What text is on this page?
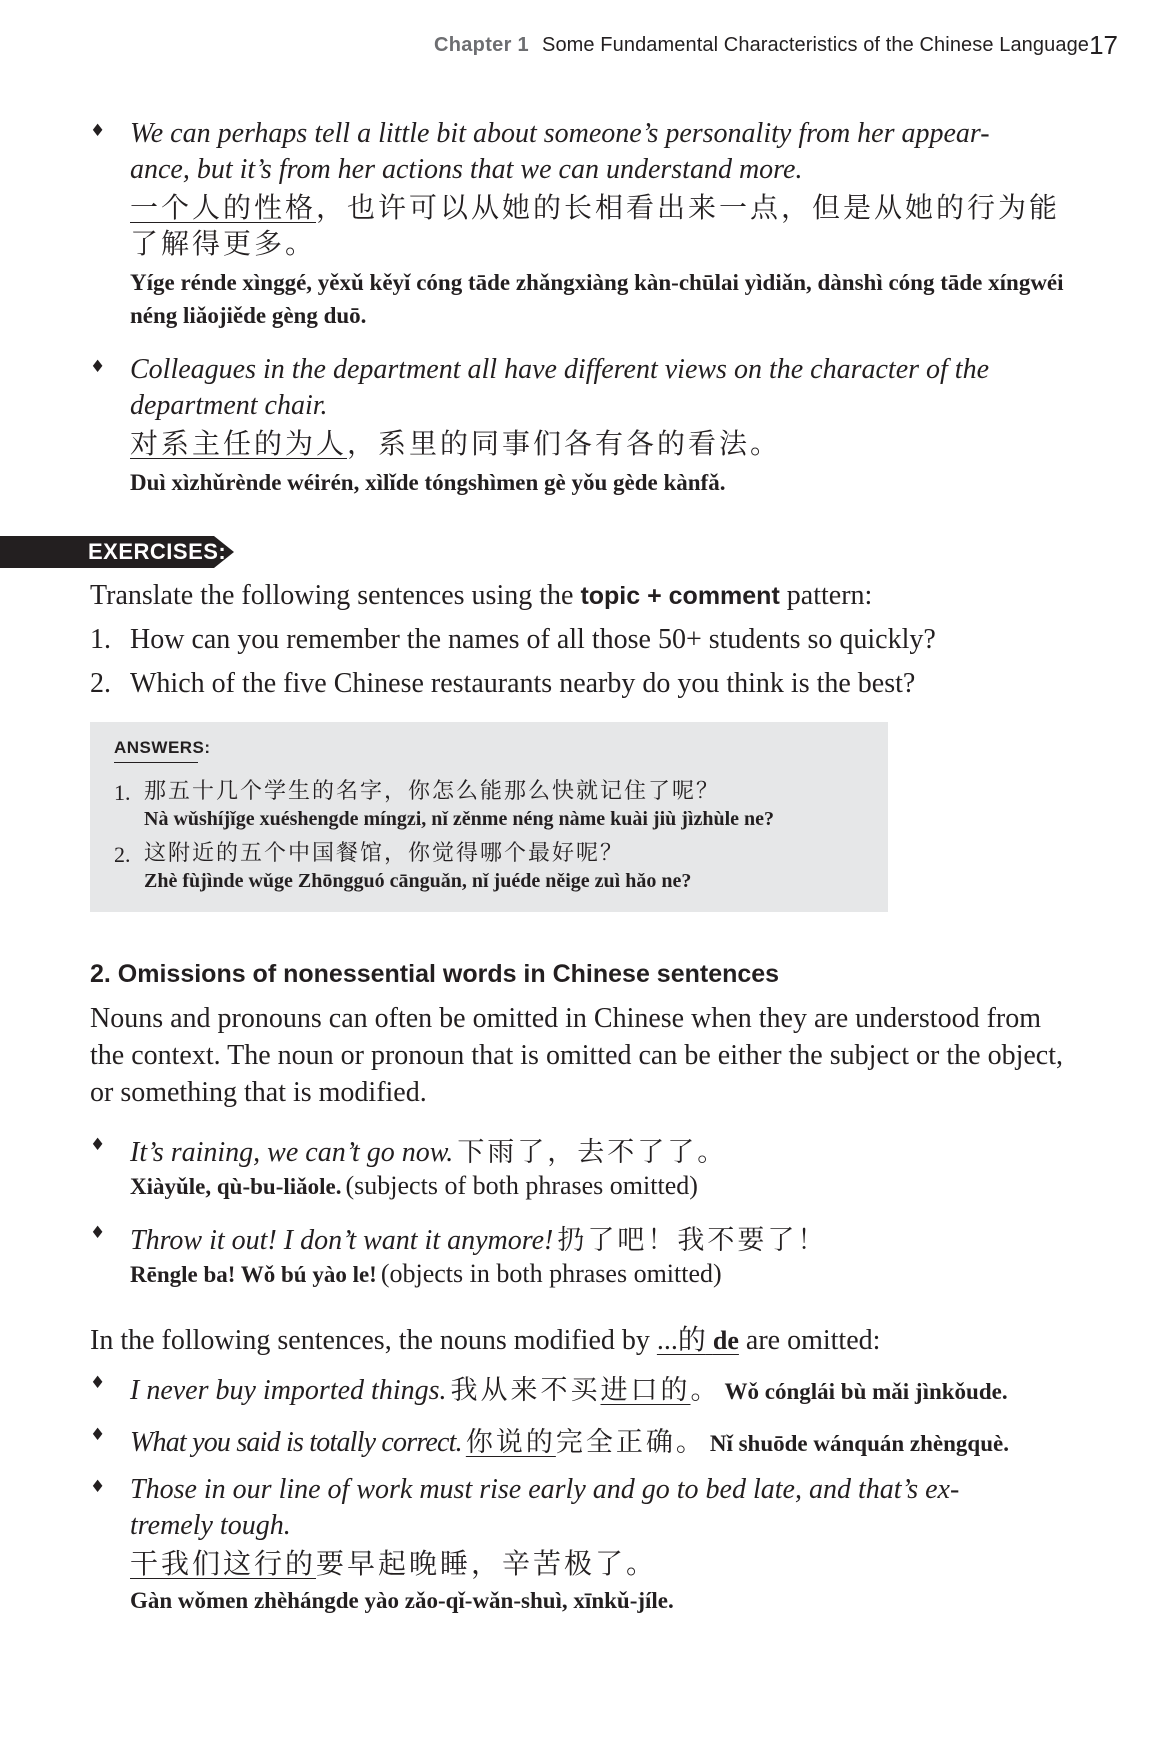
Chapter 1 Some Fundamental Characteristics of the Chinese Language 17
♦ We can perhaps tell a little bit about someone’s personality from her appear-ance, but it’s from her actions that we can understand more.
一个人的性格，也许可以从她的长相看出来一点，但是从她的行为能了解得更多。
Yíge rénde xìnggé, yěxǔ kěyǐ cóng tāde zhǎngxiàng kàn-chūlai yìdiǎn, dànshì cóng tāde xíngwéi néng liǎojiěde gèng duō.
♦ Colleagues in the department all have different views on the character of the department chair.
对系主任的为人，系里的同事们各有各的看法。
Duì xìzhǔrènde wéirén, xìlǐde tóngshìmen gè yǒu gède kànfǎ.
EXERCISES:
Translate the following sentences using the topic + comment pattern:
1. How can you remember the names of all those 50+ students so quickly?
2. Which of the five Chinese restaurants nearby do you think is the best?
ANSWERS:
1. 那五十几个学生的名字，你怎么能那么快就记住了呢？
Nà wǔshíjǐge xuéshengde míngzi, nǐ zěnme néng nàme kuài jiù jìzhùle ne?
2. 这附近的五个中国餐馆，你觉得哪个最好呢？
Zhè fùjìnde wǔge Zhōngguó cānguǎn, nǐ juéde něige zuì hǎo ne?
2. Omissions of nonessential words in Chinese sentences
Nouns and pronouns can often be omitted in Chinese when they are understood from the context. The noun or pronoun that is omitted can be either the subject or the object, or something that is modified.
♦ It’s raining, we can’t go now. 下雨了，去不了了。
Xiàyǔle, qù-bu-liǎole. (subjects of both phrases omitted)
♦ Throw it out! I don’t want it anymore! 扔了吧！我不要了！
Rēngle ba! Wǒ bú yào le! (objects in both phrases omitted)
In the following sentences, the nouns modified by ...的 de are omitted:
♦ I never buy imported things. 我从来不买进口的。 Wǒ cónglái bù mǎi jìnkǒude.
♦ What you said is totally correct. 你说的完全正确。 Nǐ shuōde wánquán zhèngquè.
♦ Those in our line of work must rise early and go to bed late, and that’s ex-tremely tough.
干我们这行的要早起晚睡，辛苦极了。
Gàn wǒmen zhèhángde yào zǎo-qǐ-wǎn-shuì, xīnkǔ-jíle.
